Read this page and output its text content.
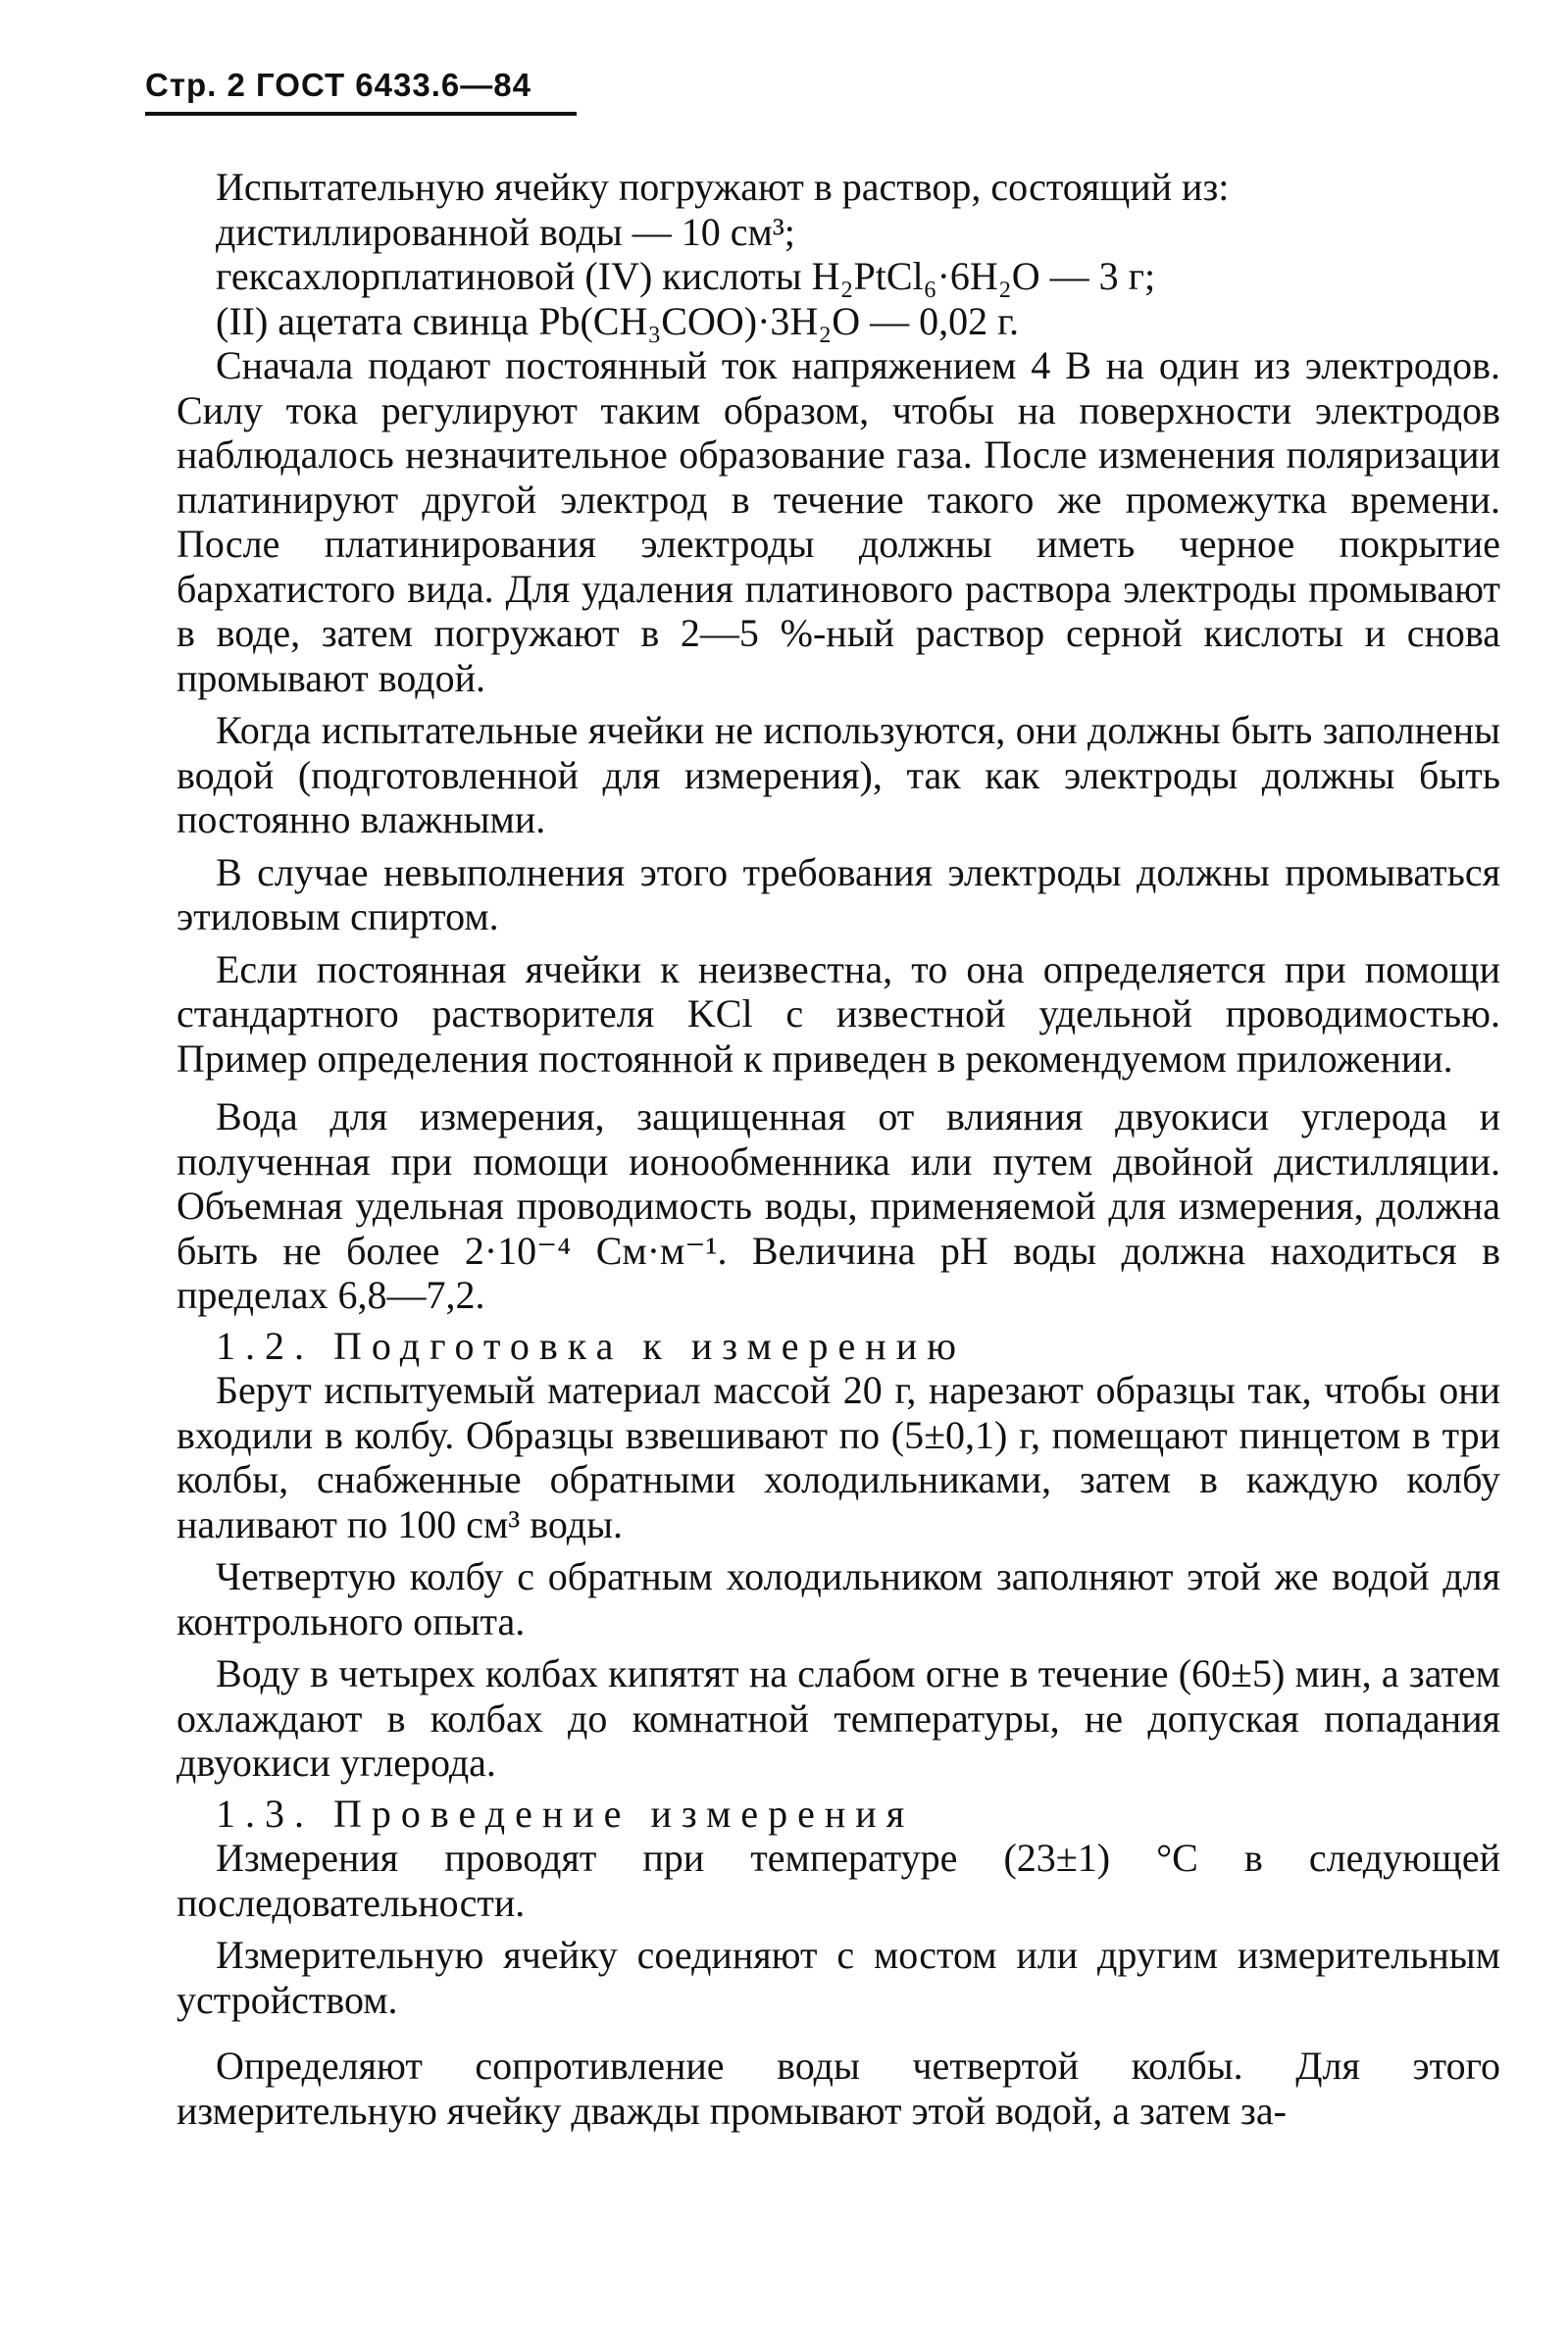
Стр. 2 ГОСТ 6433.6—84

Испытательную ячейку погружают в раствор, состоящий из:

дистиллированной воды — 10 см³;
гексахлорплатиновой (IV) кислоты H₂PtCl₆·6H₂O — 3 г;
(II) ацетата свинца Pb(CH₃COO)·3H₂O — 0,02 г.

Сначала подают постоянный ток напряжением 4 В на один из электродов. Силу тока регулируют таким образом, чтобы на поверхности электродов наблюдалось незначительное образование газа. После изменения поляризации платинируют другой электрод в течение такого же промежутка времени. После платинирования электроды должны иметь черное покрытие бархатистого вида. Для удаления платинового раствора электроды промывают в воде, затем погружают в 2—5 %-ный раствор серной кислоты и снова промывают водой.

Когда испытательные ячейки не используются, они должны быть заполнены водой (подготовленной для измерения), так как электроды должны быть постоянно влажными.

В случае невыполнения этого требования электроды должны промываться этиловым спиртом.

Если постоянная ячейки к неизвестна, то она определяется при помощи стандартного растворителя KCl с известной удельной проводимостью. Пример определения постоянной к приведен в рекомендуемом приложении.

Вода для измерения, защищенная от влияния двуокиси углерода и полученная при помощи ионообменника или путем двойной дистилляции. Объемная удельная проводимость воды, применяемой для измерения, должна быть не более 2·10⁻⁴ См·м⁻¹. Величина pH воды должна находиться в пределах 6,8—7,2.

1.2. Подготовка к измерению

Берут испытуемый материал массой 20 г, нарезают образцы так, чтобы они входили в колбу. Образцы взвешивают по (5±0,1) г, помещают пинцетом в три колбы, снабженные обратными холодильниками, затем в каждую колбу наливают по 100 см³ воды.

Четвертую колбу с обратным холодильником заполняют этой же водой для контрольного опыта.

Воду в четырех колбах кипятят на слабом огне в течение (60±5) мин, а затем охлаждают в колбах до комнатной температуры, не допуская попадания двуокиси углерода.

1.3. Проведение измерения

Измерения проводят при температуре (23±1) °С в следующей последовательности.

Измерительную ячейку соединяют с мостом или другим измерительным устройством.

Определяют сопротивление воды четвертой колбы. Для этого измерительную ячейку дважды промывают этой водой, а затем за-
